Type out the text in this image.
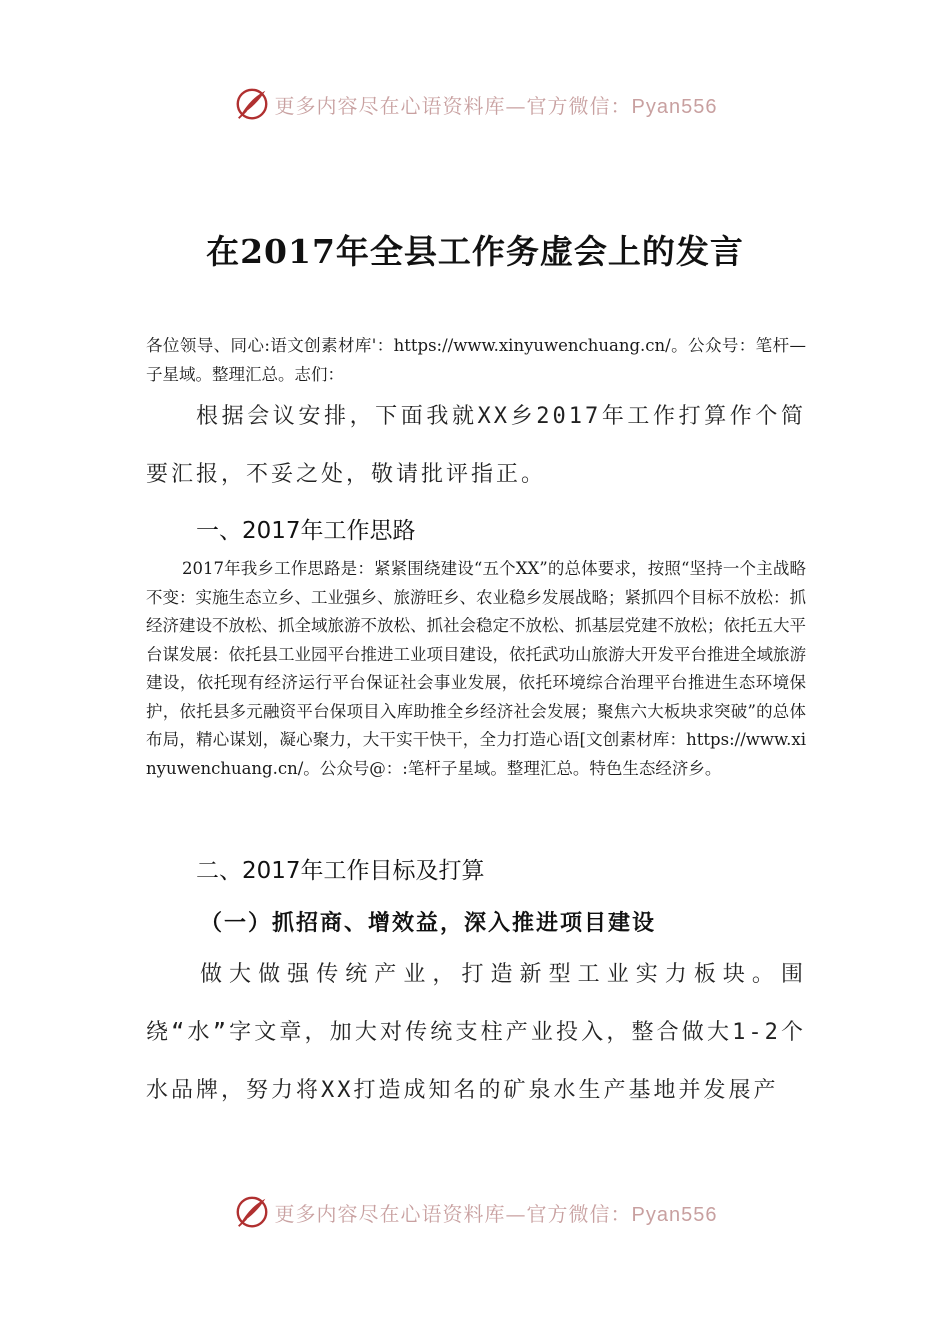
更多内容尽在心语资料库—官方微信：Pyan556
在2017年全县工作务虚会上的发言
各位领导、同心:语文创素材库'：https://www.xinyuwenchuang.cn/。公众号：笔杆—子星域。整理汇总。志们：
根据会议安排，下面我就XX乡2017年工作打算作个简要汇报，不妥之处，敬请批评指正。
一、2017年工作思路
2017年我乡工作思路是：紧紧围绕建设“五个XX”的总体要求，按照“坚持一个主战略不变：实施生态立乡、工业强乡、旅游旺乡、农业稳乡发展战略；紧抓四个目标不放松：抓经济建设不放松、抓全域旅游不放松、抓社会稳定不放松、抓基层党建不放松；依托五大平台谋发展：依托县工业园平台推进工业项目建设，依托武功山旅游大开发平台推进全域旅游建设，依托现有经济运行平台保证社会事业发展，依托环境综合治理平台推进生态环境保护，依托县多元融资平台保项目入库助推全乡经济社会发展；聚焦六大板块求突破”的总体布局，精心谋划，凝心聚力，大干实干快干，全力打造心语[文创素材库：https://www.xinyuwenchuang.cn/。公众号@：:笔杆子星域。整理汇总。特色生态经济乡。
二、2017年工作目标及打算
（一）抓招商、增效益，深入推进项目建设
做大做强传统产业，打造新型工业实力板块。围绕“水”字文章，加大对传统支柱产业投入，整合做大1-2个水品牌，努力将XX打造成知名的矿泉水生产基地并发展产
更多内容尽在心语资料库—官方微信：Pyan556
